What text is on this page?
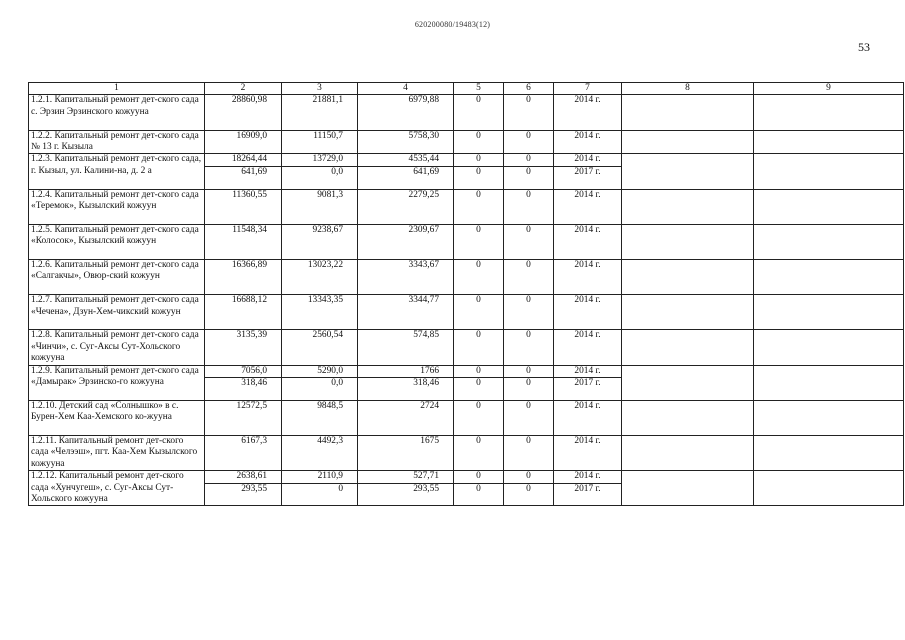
620200080/19483(12)
53
1	2	3	4	5	6	7	8	9
1.2.1. Капитальный ремонт дет-ского сада с. Эрзин Эрзинского кожууна	28860,98	21881,1	6979,88	0	0	2014 г.		
1.2.2. Капитальный ремонт дет-ского сада № 13 г. Кызыла	16909,0	11150,7	5758,30	0	0	2014 г.		
1.2.3. Капитальный ремонт дет-ского сада, г. Кызыл, ул. Калини-на, д. 2 а	18264,44	13729,0	4535,44	0	0	2014 г.		
	641,69	0,0	641,69	0	0	2017 г.		
1.2.4. Капитальный ремонт дет-ского сада «Теремок», Кызылский кожуун	11360,55	9081,3	2279,25	0	0	2014 г.		
1.2.5. Капитальный ремонт дет-ского сада «Колосок», Кызылский кожуун	11548,34	9238,67	2309,67	0	0	2014 г.		
1.2.6. Капитальный ремонт дет-ского сада «Салгакчы», Овюр-ский кожуун	16366,89	13023,22	3343,67	0	0	2014 г.		
1.2.7. Капитальный ремонт дет-ского сада «Чечена», Дзун-Хем-чикский кожуун	16688,12	13343,35	3344,77	0	0	2014 г.		
1.2.8. Капитальный ремонт дет-ского сада «Чинчи», с. Суг-Аксы Сут-Хольского кожууна	3135,39	2560,54	574,85	0	0	2014 г.		
1.2.9. Капитальный ремонт дет-ского сада «Дамырак» Эрзинско-го кожууна	7056,0	5290,0	1766	0	0	2014 г.		
	318,46	0,0	318,46	0	0	2017 г.		
1.2.10. Детский сад «Солнышко» в с. Бурен-Хем Каа-Хемского ко-жууна	12572,5	9848,5	2724	0	0	2014 г.		
1.2.11. Капитальный ремонт дет-ского сада «Челээш», пгт. Каа-Хем Кызылского кожууна	6167,3	4492,3	1675	0	0	2014 г.		
1.2.12. Капитальный ремонт дет-ского сада «Хунчугеш», с. Суг-Аксы Сут-Хольского кожууна	2638,61	2110,9	527,71	0	0	2014 г.		
	293,55	0	293,55	0	0	2017 г.		
